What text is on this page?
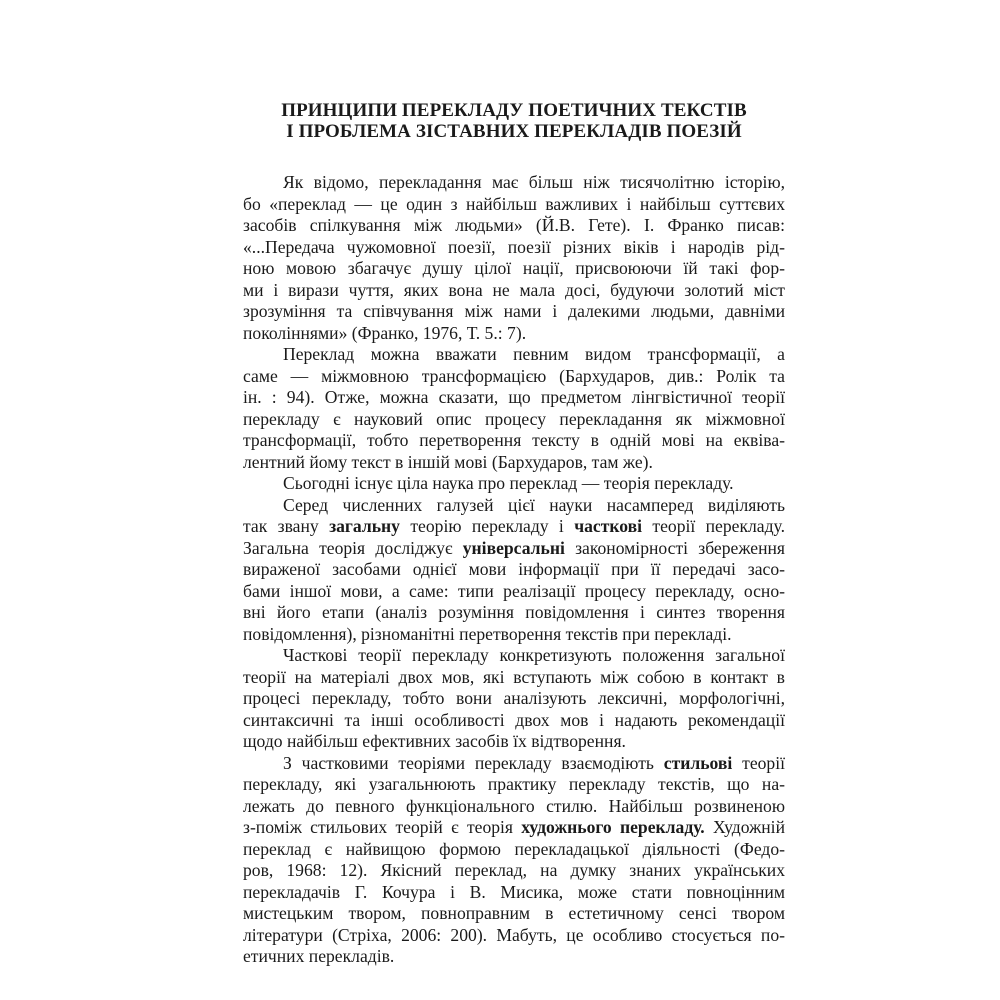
ПРИНЦИПИ ПЕРЕКЛАДУ ПОЕТИЧНИХ ТЕКСТІВ
І ПРОБЛЕМА ЗІСТАВНИХ ПЕРЕКЛАДІВ ПОЕЗІЙ
Як відомо, перекладання має більш ніж тисячолітню історію,
бо «переклад — це один з найбільш важливих і найбільш суттєвих
засобів спілкування між людьми» (Й.В. Гете). І. Франко писав:
«...Передача чужомовної поезії, поезії різних віків і народів рід-
ною мовою збагачує душу цілої нації, присвоюючи їй такі фор-
ми і вирази чуття, яких вона не мала досі, будуючи золотий міст
зрозуміння та співчування між нами і далекими людьми, давніми
поколіннями» (Франко, 1976, Т. 5.: 7).
Переклад можна вважати певним видом трансформації, а
саме — міжмовною трансформацією (Бархударов, див.: Ролік та
ін. : 94). Отже, можна сказати, що предметом лінгвістичної теорії
перекладу є науковий опис процесу перекладання як міжмовної
трансформації, тобто перетворення тексту в одній мові на еквіва-
лентний йому текст в іншій мові (Бархударов, там же).
Сьогодні існує ціла наука про переклад — теорія перекладу.
Серед численних галузей цієї науки насамперед виділяють
так звану загальну теорію перекладу і часткові теорії перекладу.
Загальна теорія досліджує універсальні закономірності збереження
вираженої засобами однієї мови інформації при її передачі засо-
бами іншої мови, а саме: типи реалізації процесу перекладу, осно-
вні його етапи (аналіз розуміння повідомлення і синтез творення
повідомлення), різноманітні перетворення текстів при перекладі.
Часткові теорії перекладу конкретизують положення загальної
теорії на матеріалі двох мов, які вступають між собою в контакт в
процесі перекладу, тобто вони аналізують лексичні, морфологічні,
синтаксичні та інші особливості двох мов і надають рекомендації
щодо найбільш ефективних засобів їх відтворення.
З частковими теоріями перекладу взаємодіють стильові теорії
перекладу, які узагальнюють практику перекладу текстів, що на-
лежать до певного функціонального стилю. Найбільш розвиненою
з-поміж стильових теорій є теорія художнього перекладу. Художній
переклад є найвищою формою перекладацької діяльності (Федо-
ров, 1968: 12). Якісний переклад, на думку знаних українських
перекладачів Г. Кочура і В. Мисика, може стати повноцінним
мистецьким твором, повноправним в естетичному сенсі твором
літератури (Стріха, 2006: 200). Мабуть, це особливо стосується по-
етичних перекладів.
